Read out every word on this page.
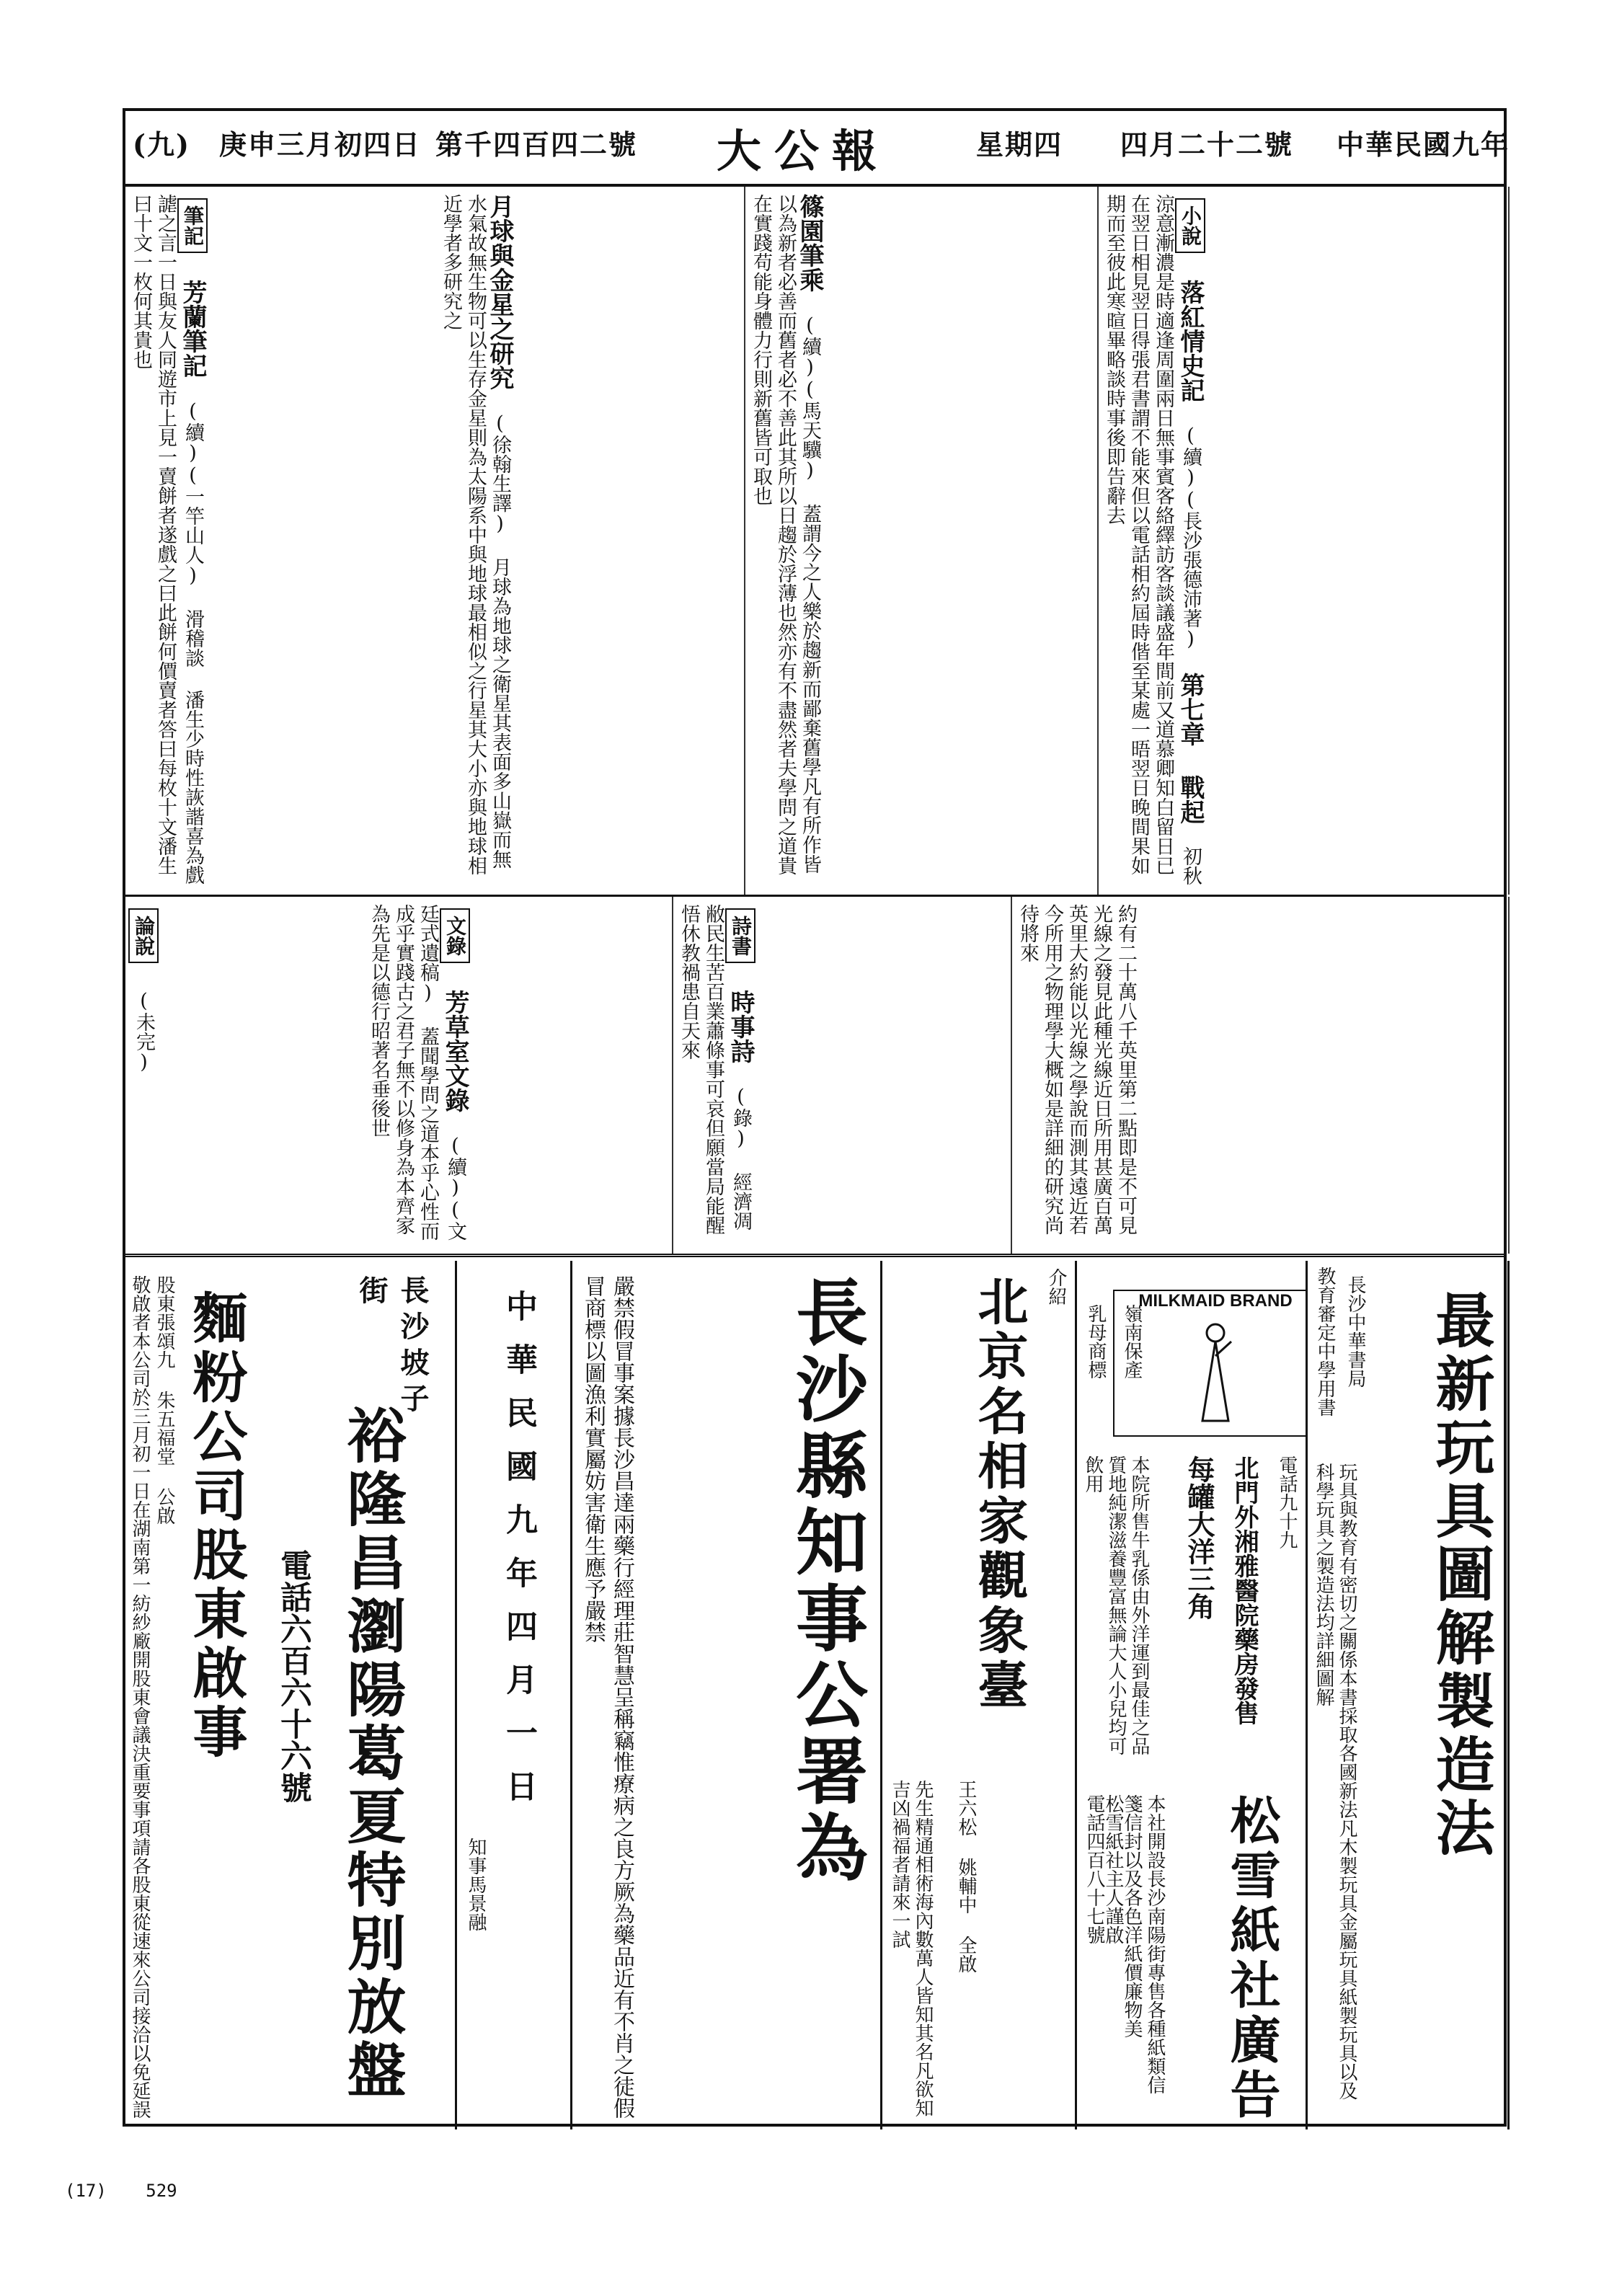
中華民國九年
四月二十二號
星期四
大公報
第千四百四二號
庚申三月初四日
(九)
小說 落紅情史記 (續)(長沙張德沛著) 第七章 戰起 初秋涼意漸濃是時適逢周圍兩日無事賓客絡繹訪客談議盛年間前又道慕卿知白留日已在翌日相見翌日得張君書謂不能來但以電話相約屆時偕至某處一晤翌日晚間果如期而至彼此寒暄畢略談時事後即告辭去
篠園筆乘 (續)(馬天驥) 蓋謂今之人樂於趨新而鄙棄舊學凡有所作皆以為新者必善而舊者必不善此其所以日趨於浮薄也然亦有不盡然者夫學問之道貴在實踐苟能身體力行則新舊皆可取也
月球與金星之研究 (徐翰生譯) 月球為地球之衛星其表面多山嶽而無水氣故無生物可以生存金星則為太陽系中與地球最相似之行星其大小亦與地球相近學者多研究之
筆記 芳蘭筆記 (續)(一竿山人) 滑稽談 潘生少時性詼諧喜為戲謔之言一日與友人同遊市上見一賣餅者遂戲之曰此餅何價賣者答曰每枚十文潘生曰十文一枚何其貴也
約有二十萬八千英里第二點即是不可見光線之發見此種光線近日所用甚廣百萬英里大約能以光線之學說而測其遠近若今所用之物理學大概如是詳細的研究尚待將來
詩書 時事詩 (錄) 經濟凋敝民生苦百業蕭條事可哀但願當局能醒悟休教禍患自天來
文錄 芳草室文錄 (續)(文廷式遺稿) 蓋聞學問之道本乎心性而成乎實踐古之君子無不以修身為本齊家為先是以德行昭著名垂後世
論說 (未完)
教育審定中學用書 最新玩具圖解製造法
玩具與教育有密切之關係本書採取各國新法凡木製玩具金屬玩具紙製玩具以及科學玩具之製造法均詳細圖解
長沙中華書局
MILKMAID BRAND
嶺南保產
乳母商標
每罐大洋三角 北門外湘雅醫院藥房發售 電話九十九
本院所售牛乳係由外洋運到最佳之品質地純潔滋養豐富無論大人小兒均可飲用
松雪紙社廣告
本社開設長沙南陽街專售各種紙類信箋信封以及各色洋紙價廉物美
電話四百八十七號
松雪紙社主人謹啟
介紹
北京名相家觀象臺
先生精通相術海內數萬人皆知其名凡欲知吉凶禍福者請來一試	王六松 姚輔中 全啟
長沙縣知事公署為
嚴禁假冒事案據長沙昌達兩藥行經理莊智慧呈稱竊惟療病之良方厥為藥品近有不肖之徒假冒商標以圖漁利實屬妨害衛生應予嚴禁
中華民國九年四月一日
知事馬景融
長沙坡子街
裕隆昌瀏陽葛夏特別放盤
電話六百六十六號
麵粉公司股東啟事
敬啟者本公司於三月初一日在湖南第一紡紗廠開股東會議決重要事項請各股東從速來公司接洽以免延誤 股東張頌九 朱五福堂 公啟
(17) 529
